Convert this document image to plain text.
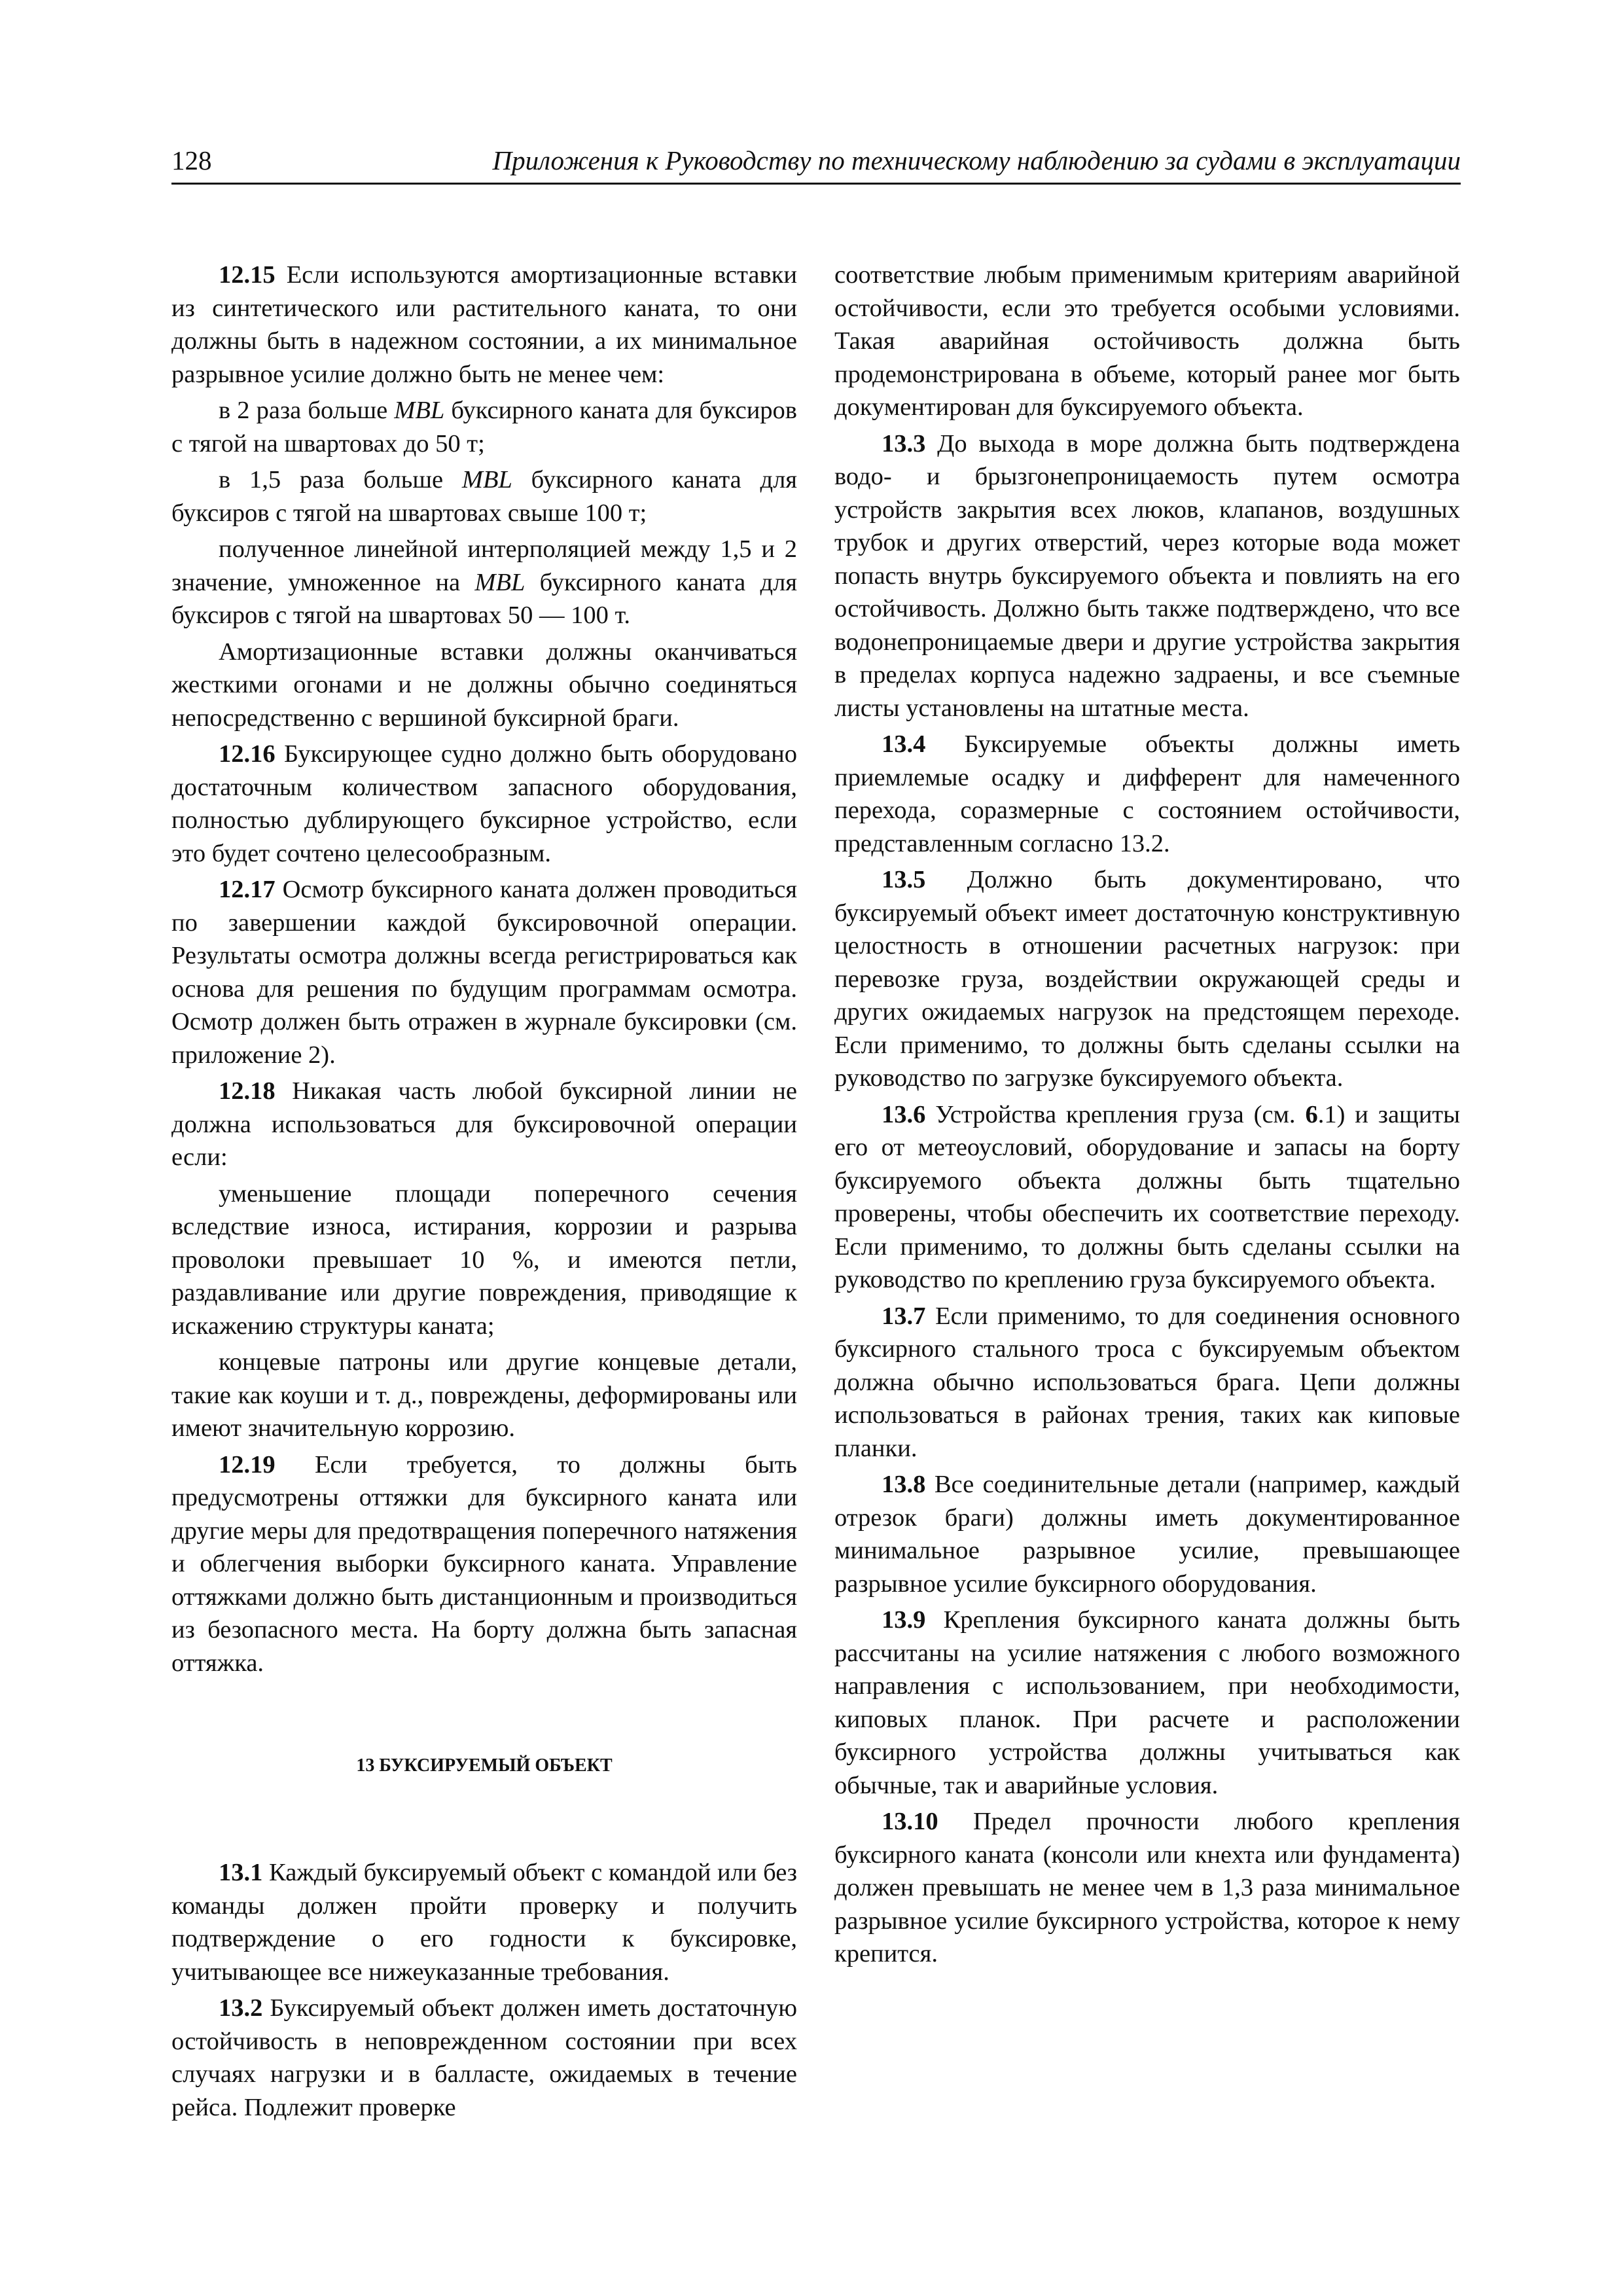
128	Приложения к Руководству по техническому наблюдению за судами в эксплуатации

12.15 Если используются амортизационные вставки из синтетического или растительного каната, то они должны быть в надежном состоянии, а их минимальное разрывное усилие должно быть не менее чем:

в 2 раза больше MBL буксирного каната для буксиров с тягой на швартовах до 50 т;

в 1,5 раза больше MBL буксирного каната для буксиров с тягой на швартовах свыше 100 т;

полученное линейной интерполяцией между 1,5 и 2 значение, умноженное на MBL буксирного каната для буксиров с тягой на швартовах 50 — 100 т.

Амортизационные вставки должны оканчиваться жесткими огонами и не должны обычно соединяться непосредственно с вершиной буксирной браги.

12.16 Буксирующее судно должно быть оборудовано достаточным количеством запасного оборудования, полностью дублирующего буксирное устройство, если это будет сочтено целесообразным.

12.17 Осмотр буксирного каната должен проводиться по завершении каждой буксировочной операции. Результаты осмотра должны всегда регистрироваться как основа для решения по будущим программам осмотра. Осмотр должен быть отражен в журнале буксировки (см. приложение 2).

12.18 Никакая часть любой буксирной линии не должна использоваться для буксировочной операции если:

уменьшение площади поперечного сечения вследствие износа, истирания, коррозии и разрыва проволоки превышает 10 %, и имеются петли, раздавливание или другие повреждения, приводящие к искажению структуры каната;

концевые патроны или другие концевые детали, такие как коуши и т. д., повреждены, деформированы или имеют значительную коррозию.

12.19 Если требуется, то должны быть предусмотрены оттяжки для буксирного каната или другие меры для предотвращения поперечного натяжения и облегчения выборки буксирного каната. Управление оттяжками должно быть дистанционным и производиться из безопасного места. На борту должна быть запасная оттяжка.

13 БУКСИРУЕМЫЙ ОБЪЕКТ

13.1 Каждый буксируемый объект с командой или без команды должен пройти проверку и получить подтверждение о его годности к буксировке, учитывающее все нижеуказанные требования.

13.2 Буксируемый объект должен иметь достаточную остойчивость в неповрежденном состоянии при всех случаях нагрузки и в балласте, ожидаемых в течение рейса. Подлежит проверке

соответствие любым применимым критериям аварийной остойчивости, если это требуется особыми условиями. Такая аварийная остойчивость должна быть продемонстрирована в объеме, который ранее мог быть документирован для буксируемого объекта.

13.3 До выхода в море должна быть подтверждена водо- и брызгонепроницаемость путем осмотра устройств закрытия всех люков, клапанов, воздушных трубок и других отверстий, через которые вода может попасть внутрь буксируемого объекта и повлиять на его остойчивость. Должно быть также подтверждено, что все водонепроницаемые двери и другие устройства закрытия в пределах корпуса надежно задраены, и все съемные листы установлены на штатные места.

13.4 Буксируемые объекты должны иметь приемлемые осадку и дифферент для намеченного перехода, соразмерные с состоянием остойчивости, представленным согласно 13.2.

13.5 Должно быть документировано, что буксируемый объект имеет достаточную конструктивную целостность в отношении расчетных нагрузок: при перевозке груза, воздействии окружающей среды и других ожидаемых нагрузок на предстоящем переходе. Если применимо, то должны быть сделаны ссылки на руководство по загрузке буксируемого объекта.

13.6 Устройства крепления груза (см. 6.1) и защиты его от метеоусловий, оборудование и запасы на борту буксируемого объекта должны быть тщательно проверены, чтобы обеспечить их соответствие переходу. Если применимо, то должны быть сделаны ссылки на руководство по креплению груза буксируемого объекта.

13.7 Если применимо, то для соединения основного буксирного стального троса с буксируемым объектом должна обычно использоваться брага. Цепи должны использоваться в районах трения, таких как киповые планки.

13.8 Все соединительные детали (например, каждый отрезок браги) должны иметь документированное минимальное разрывное усилие, превышающее разрывное усилие буксирного оборудования.

13.9 Крепления буксирного каната должны быть рассчитаны на усилие натяжения с любого возможного направления с использованием, при необходимости, киповых планок. При расчете и расположении буксирного устройства должны учитываться как обычные, так и аварийные условия.

13.10 Предел прочности любого крепления буксирного каната (консоли или кнехта или фундамента) должен превышать не менее чем в 1,3 раза минимальное разрывное усилие буксирного устройства, которое к нему крепится.
